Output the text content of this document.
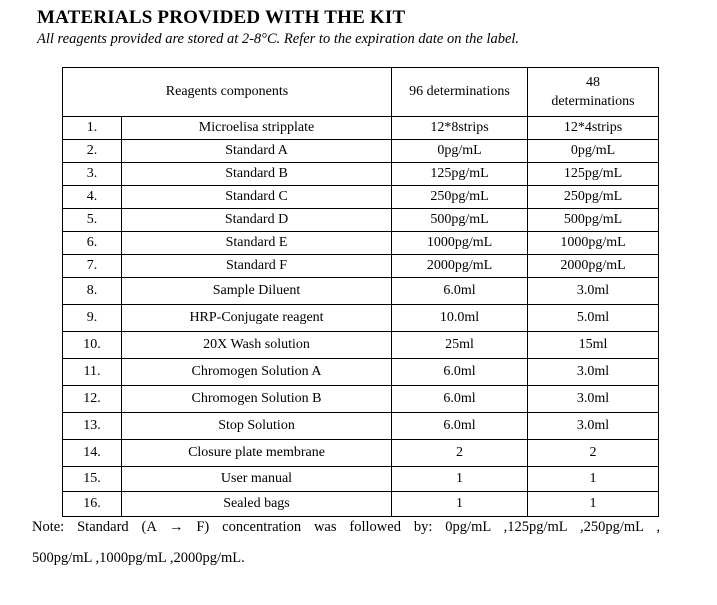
MATERIALS PROVIDED WITH THE KIT
All reagents provided are stored at 2-8°C. Refer to the expiration date on the label.
Reagents components		96 determinations	48
determinations

1.	Microelisa stripplate	12*8strips	12*4strips
2.	Standard A	0pg/mL	0pg/mL
3.	Standard B	125pg/mL	125pg/mL
4.	Standard C	250pg/mL	250pg/mL
5.	Standard D	500pg/mL	500pg/mL
6.	Standard E	1000pg/mL	1000pg/mL
7.	Standard F	2000pg/mL	2000pg/mL
8.	Sample Diluent	6.0ml	3.0ml
9.	HRP-Conjugate reagent	10.0ml	5.0ml
10.	20X Wash solution	25ml	15ml
11.	Chromogen Solution A	6.0ml	3.0ml
12.	Chromogen Solution B	6.0ml	3.0ml
13.	Stop Solution	6.0ml	3.0ml
14.	Closure plate membrane	2	2
15.	User manual	1	1
16.	Sealed bags	1	1
Note: Standard (A → F) concentration was followed by: 0pg/mL ,125pg/mL ,250pg/mL ,
500pg/mL ,1000pg/mL ,2000pg/mL.
